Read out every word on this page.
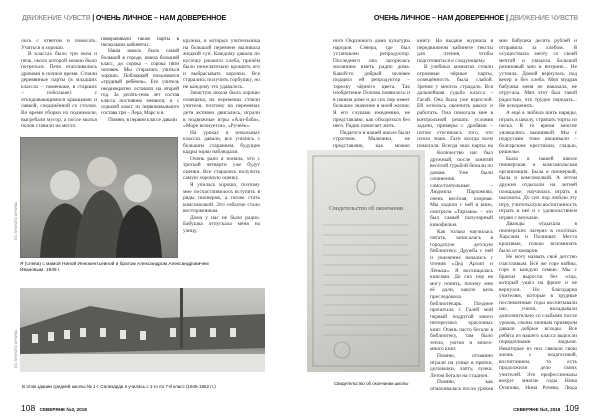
ДВИЖЕНИЕ ЧУВСТВ | ОЧЕНЬ ЛИЧНОЕ – НАМ ДОВЕРЕННОЕ	ОЧЕНЬ ЛИЧНОЕ – НАМ ДОВЕРЕННОЕ | ДВИЖЕНИЕ ЧУВСТВ

лось с ответом и помогать. Учиться я хорошо.

В классах было три окна и печь, около которой можно было погреться. Печи отапливались дровами в ночное время. Стояли деревянные парты (в младших классах – поменьше, в старших – побольше) с откидывающимися крышками и лавкой, соединённой со столом. Во время уборки их поднимали, выгребали мусор, а после мытья полов ставили на место.

поворачивали также парты в нескольких кабинетах.

Наша школа была самой большой в городе, имела большой класс, до сорока – сорока пяти человек. Мы старались учиться хорошо. Поблажкой пользовался «трудный ребёнок». Его учитель неоднократно оставлял на второй год. За десять-семь лет состав класса постоянно менялся, и с седьмой класс из первоначального состава три – Лера, Марс и я.

Помню, в первом классе давали

кружки, в которых учительница на большой перемене выливала жидкий суп. Каждому давали по кусочку ржаного хлеба, причём было нежелательно крошить его и выбрасывать корочки. Все старались получить горбушку, но не каждому это удавалось.

Зачастую школа была хорошо освещена, на переменах стояли учителя, поэтому на переменах дети активно двигались, играли в подвижные игры «Али-баба», «Море волнуется», «Ручеёк».

На уроках в начальных классах давали, все учились с большим старанием, будущие кадры зорко наблюдали.

Очень рано я поняла, что с третьей четверти уже будут оценки. Все старались получить самую хорошую оценку.

Я училась хорошо, поэтому мне посчастливилось вступить в ряды пионеров, а позже стать комсомолкой. Это событие стало восторженным.

Дома у нас не было радио. Бабушка отпускала меня на улицу,

ИЗ ЛИЧНОГО АРХИВА
Я (слева) с мамой Ниной Иннокентьевной и братом Александром Александровичем Ивановым. 1949 г.
ИЗ ЛИЧНОГО АРХИВА
В этом здании средней школы № 1 г. Салехарда я училась с 1-го по 7-й класс (1945-1952 гг.)
108 СЕВЕРЯНЕ №3, 2018

ного Окружного дома культуры народов Севера, где был установлен репродуктор. Последнего она загорелась желанием иметь радио дома. Какой-то добрый человек подарил ей репродуктор – тарелку чёрного цвета. Так изобретение Попова появилось и в нашем доме и до сих пор имеет большое значение в моей жизни. Я его слушаю ежедневно, не представляю, как обходиться без него. Радио помогает жить.

Педагоги в нашей школе были строгими. Мальчики, не представляю, как можно

книгу. На выдаче журнала в передвижном кабинете тексты для чтения, чтобы подготовиться к следующему.

В учебных комнатах стояли огромные чёрные парты, освещённость была слабой. Зрение у многих страдало. Вся дальнейшая судьба класса – Гагай. Она была уже взрослой. Ей хотелось окончить школу и работать. Она помогала мне в контрольной решать условия задачи, примеры с дробями – потом стеснялась того, что плохо знаю. Гаги всегда всем помогала. Всегда знал парты на

Количество нас был дружный, после занятий весёлой гурьбой бежали по домам. Уже были сочинения самостоятельные – Людмила Пархомова, очень весёлая, озорная. Мы ходили с ней в кино, смотрели «Тарзана» – это был самый популярный кинофильм.

Как только научилась читать, записалась в городскую детскую библиотеку. Дружба с ней и увлечение начались с чтения «Дед Архип и Лёнька». Я восхищалась книгами. До сих пор не могу понять, почему мне её дали, какую цель преследовала библиотекарь. Позднее прочитала с Галей мой первый подругой много интересных красочных книг. Очень часто бегали в библиотеку, там было тепло, уютно и много-много книг.

Помню, отчаянно играли на улице в прятки, догонялки, лапту, лунки. Летом бегали на стадион.

Помню, как отмахивалась после уроков

мне бабушка десять рублей и отправила за хлебом. Я осуществила мечту со своей мечтой и увидела большой резиновый мяч в витрине... Не устояла. Домой вернулась под вечер и без хлеба. Моя мудрая бабушка меня не наказала, не отругала. Мяч этот был такой радостью, что трудно передать... Не искоренить.

А ещё я любила шить наряды, играть в школу, стряпать торты из песка. В то время многие увлекались вышивкой. Мы с подругами тоже вышивали – болгарским крестиком, гладью, ришелье.

Была в нашей школе пионерская и комсомольская организация. Была я пионеркой, была и комсомолкой. А летом дружно отдыхали на летней площадке, научилась играть в шахматы. До сих пор люблю эту игру, учительскую воспитанность играть в неё и с удовольствием играю с внуками.

Дважды отдыхала в пионерских лагерях в посёлках Харсаим и Полноват. Места красивые, только вспоминать было от комаров.

Не могу назвать своё детство счастливым. Всё же горе войны, горе в каждую семью. Мы с братом выросли без отца, который ушёл на фронт и не вернулся. Но благодарна учителям, которые в трудные послевоенные годы воспитывали нас, учили, вкладывали дополнительно со слабыми после уроков, своим личным примером давали добрые всходы. Все ребята из нашего класса выросли порядочными людьми. Некоторые из них связали свою жизнь с педагогикой, воспитанием, то есть продолжили дело своих учителей. Это профессионалы вокруг многие годы Нина Осипова, Нина Рочева, Люда

Свидетельство об окончании
Свидетельство об окончании школы
СЕВЕРЯНЕ №3, 2018 109
